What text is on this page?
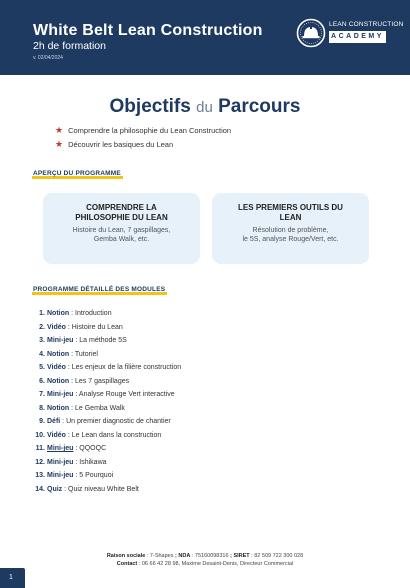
White Belt Lean Construction
2h de formation
v. 02/04/2024
LEAN CONSTRUCTION
ACADEMY
Objectifs du Parcours
★ Comprendre la philosophie du Lean Construction
★ Découvrir les basiques du Lean
APERÇU DU PROGRAMME
COMPRENDRE LA
PHILOSOPHIE DU LEAN
Histoire du Lean, 7 gaspillages,
Gemba Walk, etc.
LES PREMIERS OUTILS DU
LEAN
Résolution de problème,
le 5S, analyse Rouge/Vert, etc.
PROGRAMME DÉTAILLÉ DES MODULES
1. Notion : Introduction
2. Vidéo : Histoire du Lean
3. Mini-jeu : La méthode 5S
4. Notion : Tutoriel
5. Vidéo : Les enjeux de la filière construction
6. Notion : Les 7 gaspillages
7. Mini-jeu : Analyse Rouge Vert interactive
8. Notion : Le Gemba Walk
9. Défi : Un premier diagnostic de chantier
10. Vidéo : Le Lean dans la construction
11. Mini-jeu : QQOQC
12. Mini-jeu : Ishikawa
13. Mini-jeu : 5 Pourquoi
14. Quiz : Quiz niveau White Belt
Raison sociale : 7-Shapes ; NDA : 75160098316 ; SIRET : 82 509 722 300 028
Contact : 06 66 42 28 98, Maxime Desaint-Denis, Directeur Commercial
1
